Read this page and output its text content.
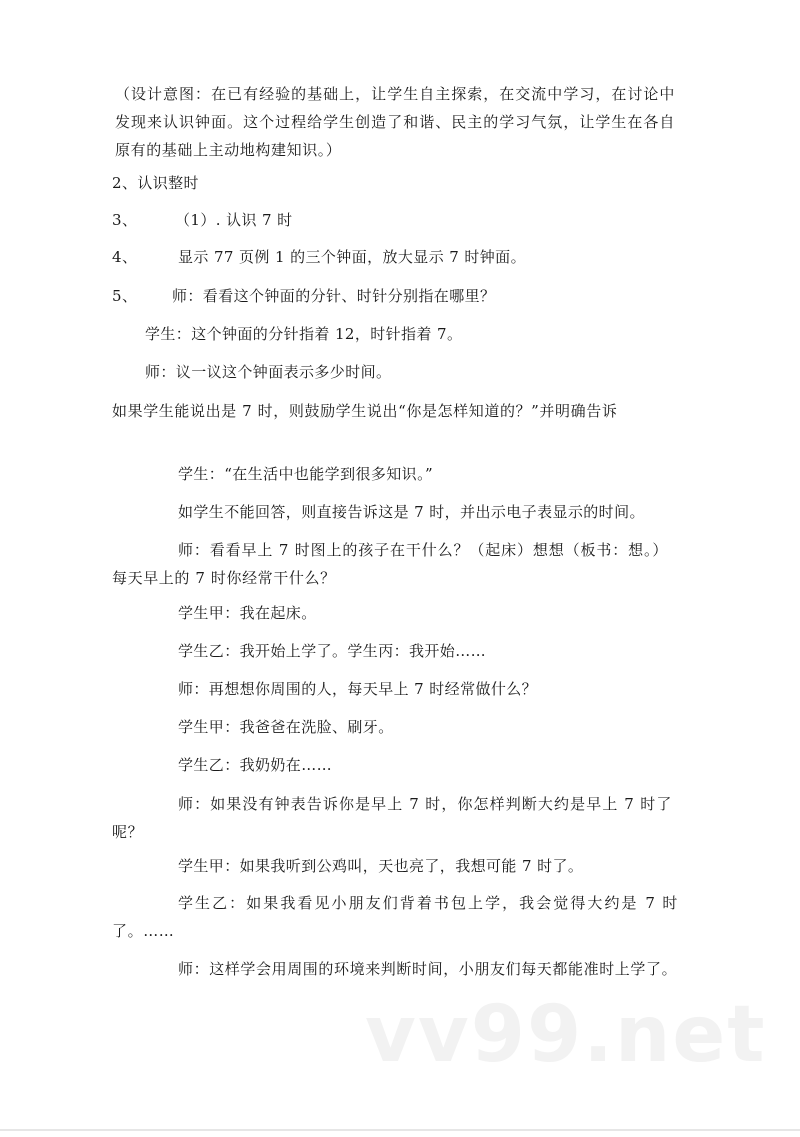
（设计意图：在已有经验的基础上，让学生自主探索，在交流中学习，在讨论中发现来认识钟面。这个过程给学生创造了和谐、民主的学习气氛，让学生在各自原有的基础上主动地构建知识。）
2、认识整时
3、	（1）. 认识 7 时
4、	显示 77 页例 1 的三个钟面，放大显示 7 时钟面。
5、 师：看看这个钟面的分针、时针分别指在哪里？
学生：这个钟面的分针指着 12，时针指着 7。
师：议一议这个钟面表示多少时间。
如果学生能说出是 7 时，则鼓励学生说出“你是怎样知道的？”并明确告诉
学生：“在生活中也能学到很多知识。”
如学生不能回答，则直接告诉这是 7 时，并出示电子表显示的时间。
师：看看早上 7 时图上的孩子在干什么？（起床）想想（板书：想。）每天早上的 7 时你经常干什么？
学生甲：我在起床。
学生乙：我开始上学了。学生丙：我开始……
师：再想想你周围的人，每天早上 7 时经常做什么？
学生甲：我爸爸在洗脸、刷牙。
学生乙：我奶奶在……
师：如果没有钟表告诉你是早上 7 时，你怎样判断大约是早上 7 时了呢？
学生甲：如果我听到公鸡叫，天也亮了，我想可能 7 时了。
学生乙：如果我看见小朋友们背着书包上学，我会觉得大约是 7 时了。……
师：这样学会用周围的环境来判断时间，小朋友们每天都能准时上学了。
vv99.net
